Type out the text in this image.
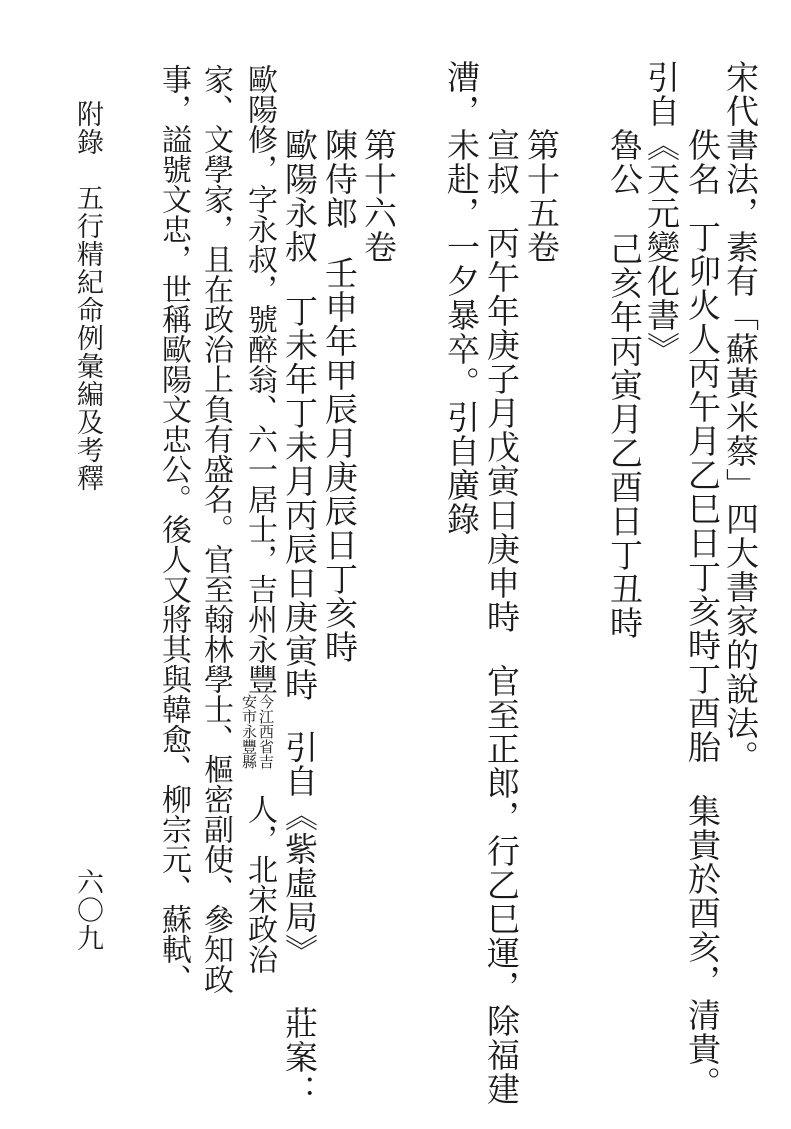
宋代書法，素有「蘇黃米蔡」四大書家的說法。

佚名丁卯火人丙午月乙巳日丁亥時丁酉胎集貴於酉亥，清貴。

引自《天元變化書》

魯公己亥年丙寅月乙酉日丁丑時

第十五卷

宣叔丙午年庚子月戊寅日庚申時官至正郎，行乙巳運，除福建

漕，未赴，一夕暴卒。引自廣錄

第十六卷

陳侍郎壬申年甲辰月庚辰日丁亥時

歐陽永叔丁未年丁未月丙辰日庚寅時引自《紫虛局》莊案：

歐陽修，字永叔，號醉翁、六一居士，吉州永豐
今江西省吉
安市永豐縣
人，北宋政治

家、文學家，且在政治上負有盛名。官至翰林學士、樞密副使、參知政

事，謚號文忠，世稱歐陽文忠公。後人又將其與韓愈、柳宗元、蘇軾、

附錄　五行精紀命例彙編及考釋

六〇九
